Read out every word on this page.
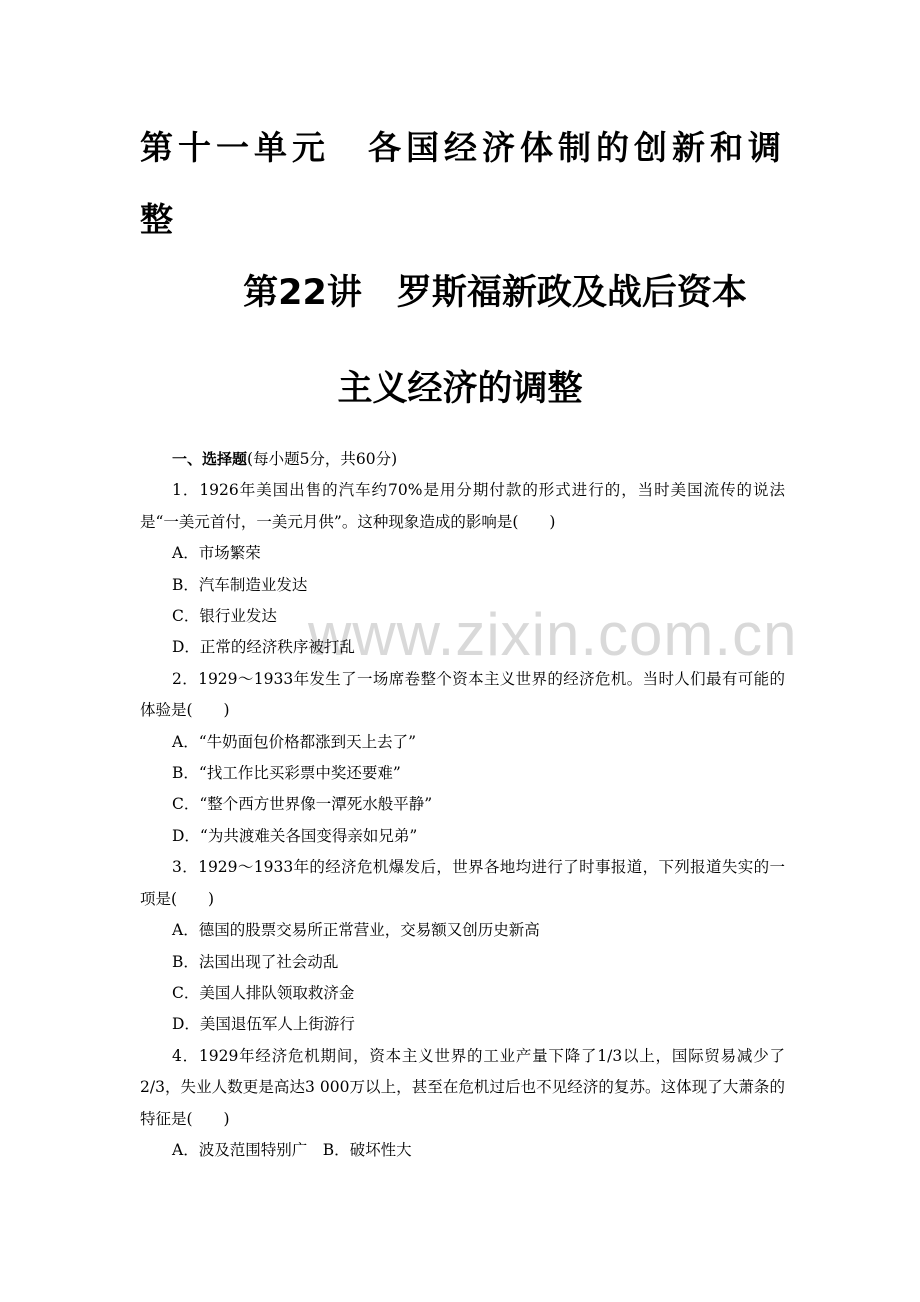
第十一单元　各国经济体制的创新和调整
第22讲　罗斯福新政及战后资本
主义经济的调整
www.zixin.com.cn
一、选择题(每小题5分，共60分)
1．1926年美国出售的汽车约70%是用分期付款的形式进行的，当时美国流传的说法是“一美元首付，一美元月供”。这种现象造成的影响是(　　)
A．市场繁荣
B．汽车制造业发达
C．银行业发达
D．正常的经济秩序被打乱
2．1929～1933年发生了一场席卷整个资本主义世界的经济危机。当时人们最有可能的体验是(　　)
A．“牛奶面包价格都涨到天上去了”
B．“找工作比买彩票中奖还要难”
C．“整个西方世界像一潭死水般平静”
D．“为共渡难关各国变得亲如兄弟”
3．1929～1933年的经济危机爆发后，世界各地均进行了时事报道，下列报道失实的一项是(　　)
A．德国的股票交易所正常营业，交易额又创历史新高
B．法国出现了社会动乱
C．美国人排队领取救济金
D．美国退伍军人上街游行
4．1929年经济危机期间，资本主义世界的工业产量下降了1/3以上，国际贸易减少了2/3，失业人数更是高达3 000万以上，甚至在危机过后也不见经济的复苏。这体现了大萧条的特征是(　　)
A．波及范围特别广　B．破坏性大
